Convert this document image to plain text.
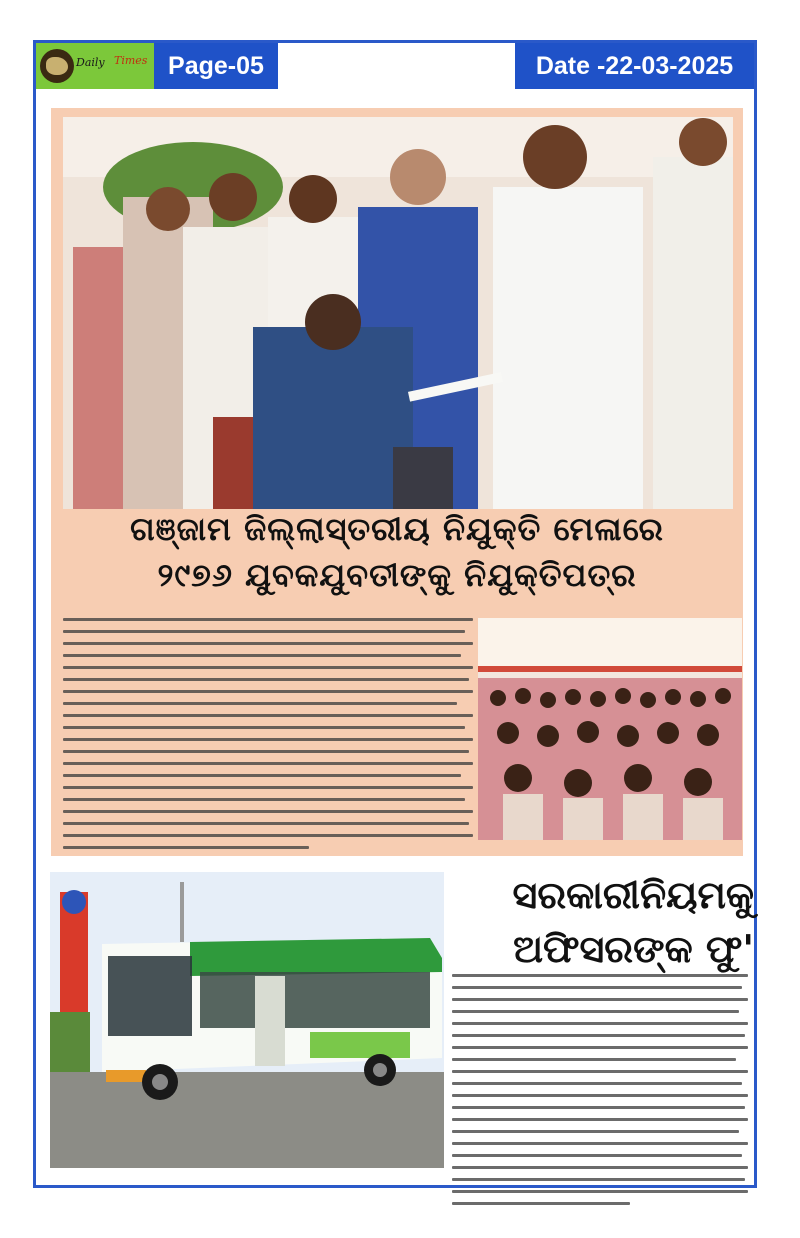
Daily Times Page-05	Date -22-03-2025
ଗଞ୍ଜାମ ଜିଲ୍ଲାସ୍ତରୀୟ ନିଯୁକ୍ତି ମେଳାରେ
୨୯୭୬ ଯୁବକଯୁବତୀଙ୍କୁ ନିଯୁକ୍ତିପତ୍ର
ସରକାରୀନିୟମକୁ
ଅଫିସରଙ୍କ ଫୁ'
